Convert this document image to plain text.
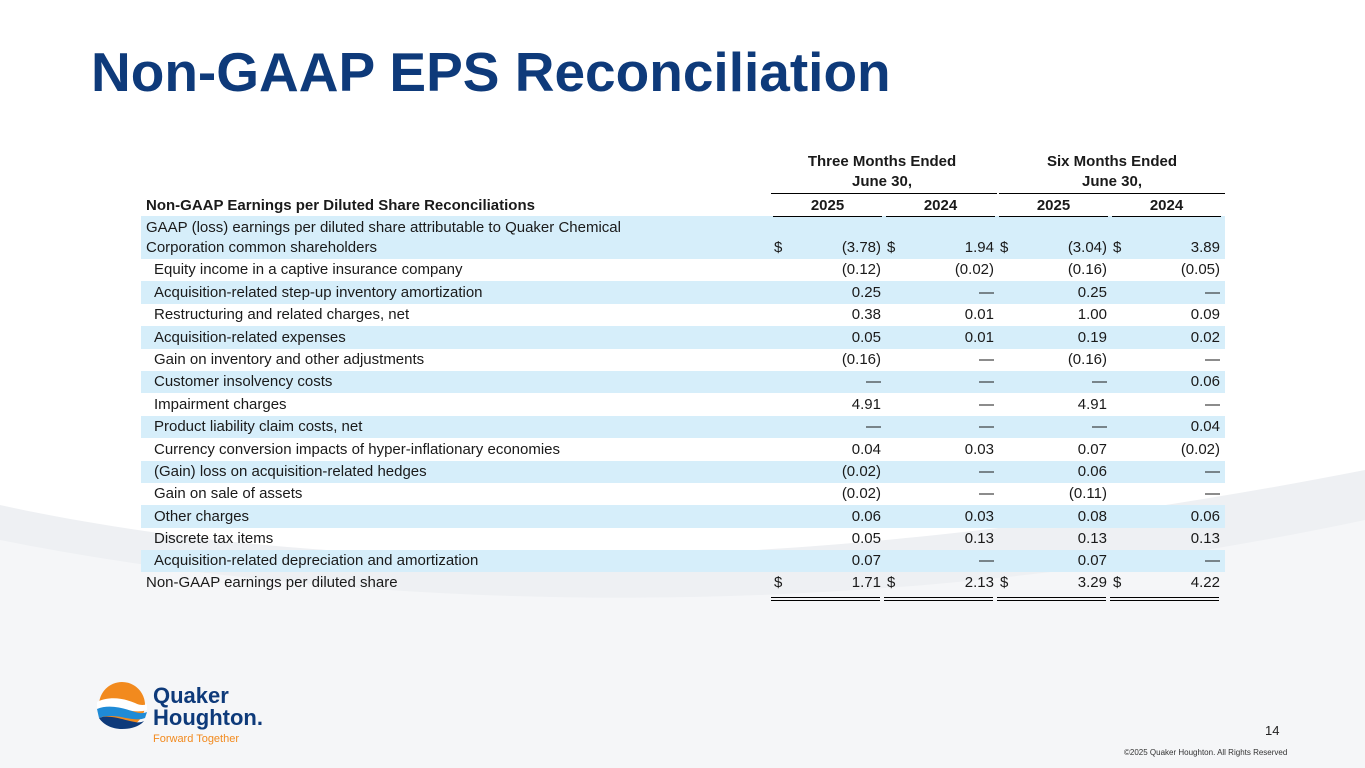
Non-GAAP EPS Reconciliation
Three Months Ended
June 30,
Six Months Ended
June 30,
Non-GAAP Earnings per Diluted Share Reconciliations	2025	2024	2025	2024
GAAP (loss) earnings per diluted share attributable to Quaker Chemical
Corporation common shareholders	$	(3.78) $	1.94 $	(3.04) $	3.89
Equity income in a captive insurance company	(0.12)	(0.02)	(0.16)	(0.05)
Acquisition-related step-up inventory amortization	0.25	—	0.25	—
Restructuring and related charges, net	0.38	0.01	1.00	0.09
Acquisition-related expenses	0.05	0.01	0.19	0.02
Gain on inventory and other adjustments	(0.16)	—	(0.16)	—
Customer insolvency costs	—	—	—	0.06
Impairment charges	4.91	—	4.91	—
Product liability claim costs, net	—	—	—	0.04
Currency conversion impacts of hyper-inflationary economies	0.04	0.03	0.07	(0.02)
(Gain) loss on acquisition-related hedges	(0.02)	—	0.06	—
Gain on sale of assets	(0.02)	—	(0.11)	—
Other charges	0.06	0.03	0.08	0.06
Discrete tax items	0.05	0.13	0.13	0.13
Acquisition-related depreciation and amortization	0.07	—	0.07	—
Non-GAAP earnings per diluted share	$	1.71 $	2.13 $	3.29 $	4.22
Quaker
Houghton.
Forward Together
14
©2025 Quaker Houghton. All Rights Reserved
